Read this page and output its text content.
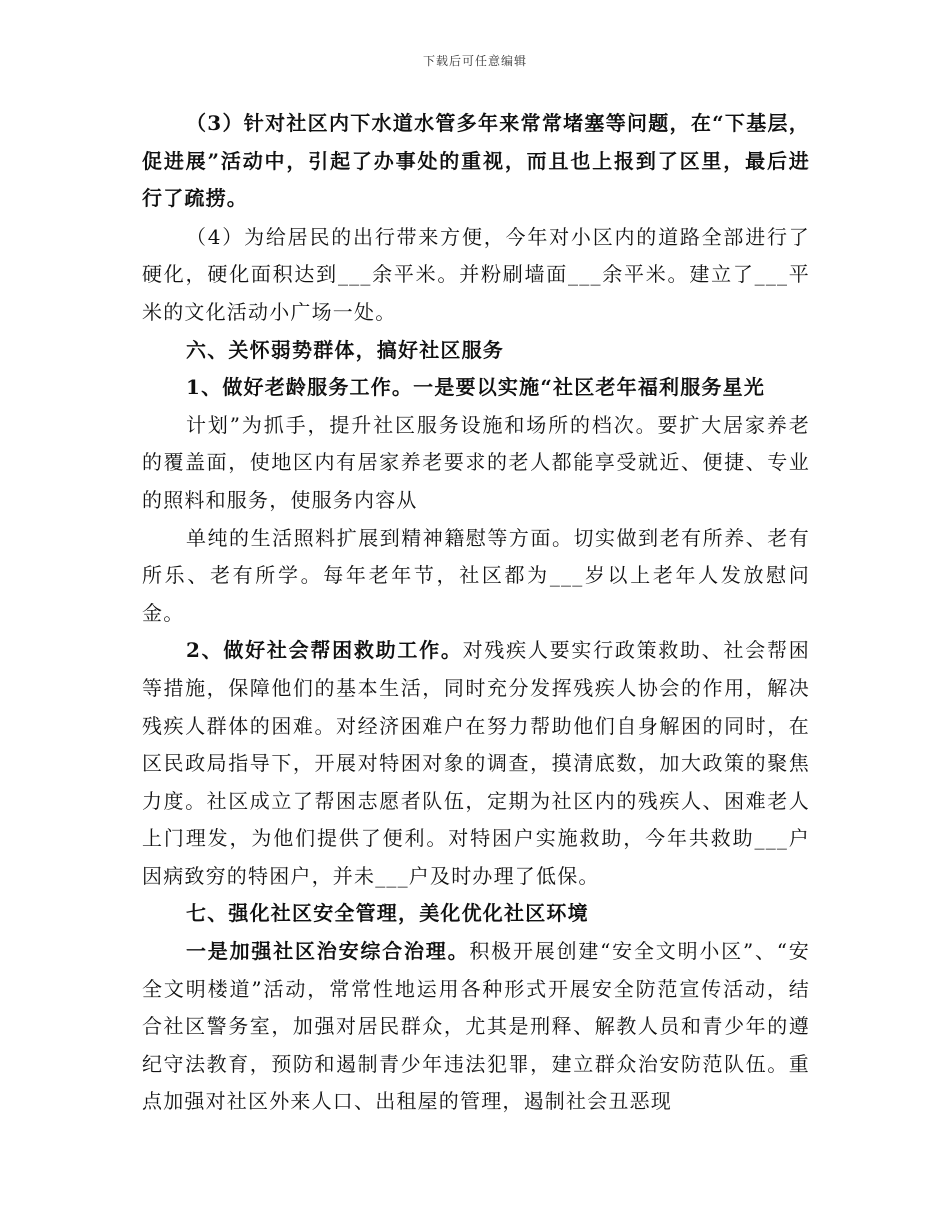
下载后可任意编辑

（3）针对社区内下水道水管多年来常常堵塞等问题，在“下基层，促进展”活动中，引起了办事处的重视，而且也上报到了区里，最后进行了疏捞。

（4）为给居民的出行带来方便，今年对小区内的道路全部进行了硬化，硬化面积达到___余平米。并粉刷墙面___余平米。建立了___平米的文化活动小广场一处。

六、关怀弱势群体，搞好社区服务

1、做好老龄服务工作。一是要以实施“社区老年福利服务星光

计划”为抓手，提升社区服务设施和场所的档次。要扩大居家养老的覆盖面，使地区内有居家养老要求的老人都能享受就近、便捷、专业的照料和服务，使服务内容从

单纯的生活照料扩展到精神籍慰等方面。切实做到老有所养、老有所乐、老有所学。每年老年节，社区都为___岁以上老年人发放慰问金。

2、做好社会帮困救助工作。对残疾人要实行政策救助、社会帮困等措施，保障他们的基本生活，同时充分发挥残疾人协会的作用，解决残疾人群体的困难。对经济困难户在努力帮助他们自身解困的同时，在区民政局指导下，开展对特困对象的调查，摸清底数，加大政策的聚焦力度。社区成立了帮困志愿者队伍，定期为社区内的残疾人、困难老人上门理发，为他们提供了便利。对特困户实施救助，今年共救助___户因病致穷的特困户，并未___户及时办理了低保。

七、强化社区安全管理，美化优化社区环境

一是加强社区治安综合治理。积极开展创建“安全文明小区”、“安全文明楼道”活动，常常性地运用各种形式开展安全防范宣传活动，结合社区警务室，加强对居民群众，尤其是刑释、解教人员和青少年的遵纪守法教育，预防和遏制青少年违法犯罪，建立群众治安防范队伍。重点加强对社区外来人口、出租屋的管理，遏制社会丑恶现
